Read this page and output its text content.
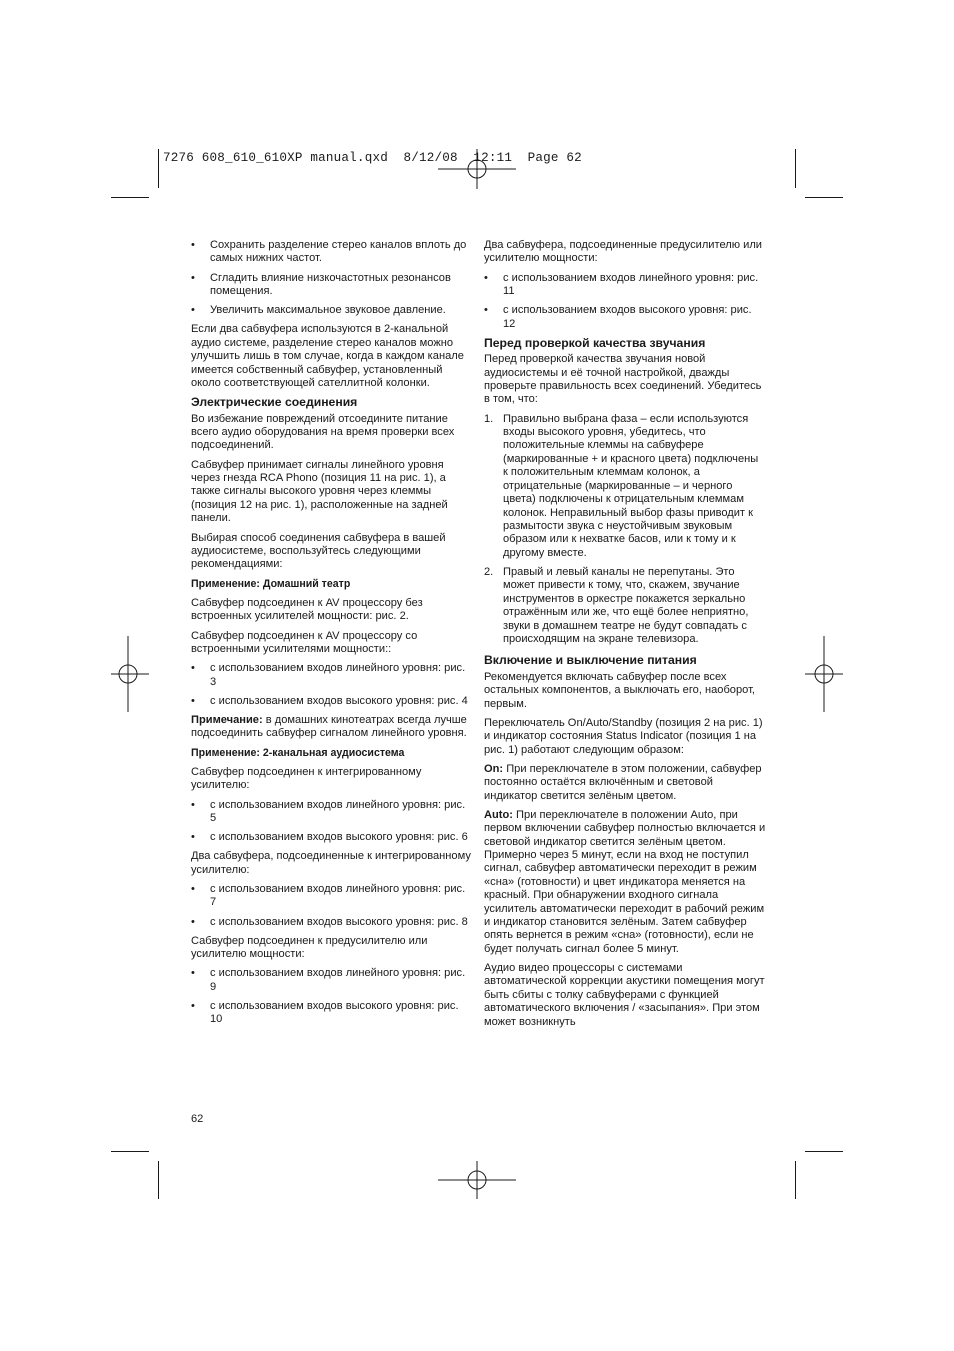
7276 608_610_610XP manual.qxd  8/12/08 12:11  Page 62
• Сохранить разделение стерео каналов вплоть до самых нижних частот.
• Сгладить влияние низкочастотных резонансов помещения.
• Увеличить максимальное звуковое давление.

Если два сабвуфера используются в 2-канальной аудио системе, разделение стерео каналов можно улучшить лишь в том случае, когда в каждом канале имеется собственный сабвуфер, установленный около соответствующей сателлитной колонки.

Электрические соединения

Во избежание повреждений отсоедините питание всего аудио оборудования на время проверки всех подсоединений.

Сабвуфер принимает сигналы линейного уровня через гнезда RCA Phono (позиция 11 на рис. 1), а также сигналы высокого уровня через клеммы (позиция 12 на рис. 1), расположенные на задней панели.

Выбирая способ соединения сабвуфера в вашей аудиосистеме, воспользуйтесь следующими рекомендациями:

Применение: Домашний театр

Сабвуфер подсоединен к AV процессору без встроенных усилителей мощности: рис. 2.

Сабвуфер подсоединен к AV процессору со встроенными усилителями мощности::

• с использованием входов линейного уровня: рис. 3
• с использованием входов высокого уровня: рис. 4

Примечание: в домашних кинотеатрах всегда лучше подсоединить сабвуфер сигналом линейного уровня.

Применение: 2-канальная аудиосистема

Сабвуфер подсоединен к интегрированному усилителю:

• с использованием входов линейного уровня: рис. 5
• с использованием входов высокого уровня: рис. 6

Два сабвуфера, подсоединенные к интегрированному усилителю:

• с использованием входов линейного уровня: рис. 7
• с использованием входов высокого уровня: рис. 8

Сабвуфер подсоединен к предусилителю или усилителю мощности:

• с использованием входов линейного уровня: рис. 9
• с использованием входов высокого уровня: рис. 10

Два сабвуфера, подсоединенные предусилителю или усилителю мощности:

• с использованием входов линейного уровня: рис. 11
• с использованием входов высокого уровня: рис. 12

Перед проверкой качества звучания

Перед проверкой качества звучания новой аудиосистемы и её точной настройкой, дважды проверьте правильность всех соединений. Убедитесь в том, что:

1. Правильно выбрана фаза – если используются входы высокого уровня, убедитесь, что положительные клеммы на сабвуфере (маркированные + и красного цвета) подключены к положительным клеммам колонок, а отрицательные (маркированные – и черного цвета) подключены к отрицательным клеммам колонок. Неправильный выбор фазы приводит к размытости звука с неустойчивым звуковым образом или к нехватке басов, или к тому и к другому вместе.
2. Правый и левый каналы не перепутаны. Это может привести к тому, что, скажем, звучание инструментов в оркестре покажется зеркально отражённым или же, что ещё более неприятно, звуки в домашнем театре не будут совпадать с происходящим на экране телевизора.

Включение и выключение питания

Рекомендуется включать сабвуфер после всех остальных компонентов, а выключать его, наоборот, первым.

Переключатель On/Auto/Standby (позиция 2 на рис. 1) и индикатор состояния Status Indicator (позиция 1 на рис. 1) работают следующим образом:

On: При переключателе в этом положении, сабвуфер постоянно остаётся включённым и световой индикатор светится зелёным цветом.

Auto: При переключателе в положении Auto, при первом включении сабвуфер полностью включается и световой индикатор светится зелёным цветом. Примерно через 5 минут, если на вход не поступил сигнал, сабвуфер автоматически переходит в режим «сна» (готовности) и цвет индикатора меняется на красный. При обнаружении входного сигнала усилитель автоматически переходит в рабочий режим и индикатор становится зелёным. Затем сабвуфер опять вернется в режим «сна» (готовности), если не будет получать сигнал более 5 минут.

Аудио видео процессоры с системами автоматической коррекции акустики помещения могут быть сбиты с толку сабвуферами с функцией автоматического включения / «засыпания». При этом может возникнуть

62
